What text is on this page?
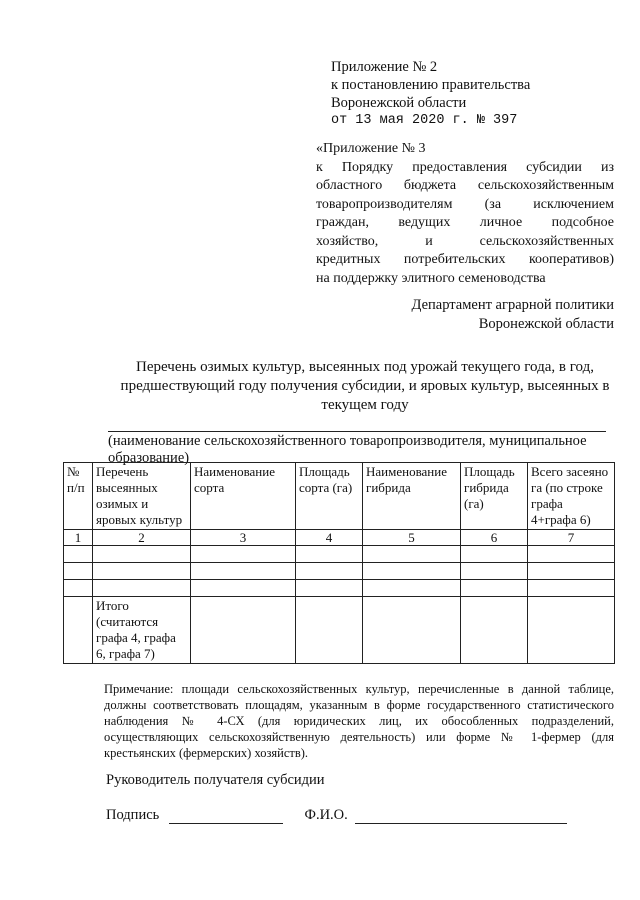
Приложение № 2
к постановлению правительства
Воронежской области
от 13 мая 2020 г. № 397
«Приложение № 3
к Порядку предоставления субсидии из
областного бюджета сельскохозяйственным
товаропроизводителям (за исключением
граждан, ведущих личное подсобное
хозяйство, и сельскохозяйственных
кредитных потребительских кооперативов)
на поддержку элитного семеноводства
Департамент аграрной политики
Воронежской области
Перечень озимых культур, высеянных под урожай текущего года, в год,
предшествующий году получения субсидии, и яровых культур, высеянных в
текущем году
(наименование сельскохозяйственного товаропроизводителя, муниципальное
образование)
№ п/п	Перечень высеянных озимых и яровых культур	Наименование сорта	Площадь сорта (га)	Наименование гибрида	Площадь гибрида (га)	Всего засеяно га (по строке графа 4+графа 6)
1	2	3	4	5	6	7

	Итого (считаются графа 4, графа 6, графа 7)					
Примечание: площади сельскохозяйственных культур, перечисленные в данной таблице, должны соответствовать площадям, указанным в форме государственного статистического наблюдения № 4-СХ (для юридических лиц, их обособленных подразделений, осуществляющих сельскохозяйственную деятельность) или форме № 1-фермер (для крестьянских (фермерских) хозяйств).
Руководитель получателя субсидии
Подпись	Ф.И.О.
